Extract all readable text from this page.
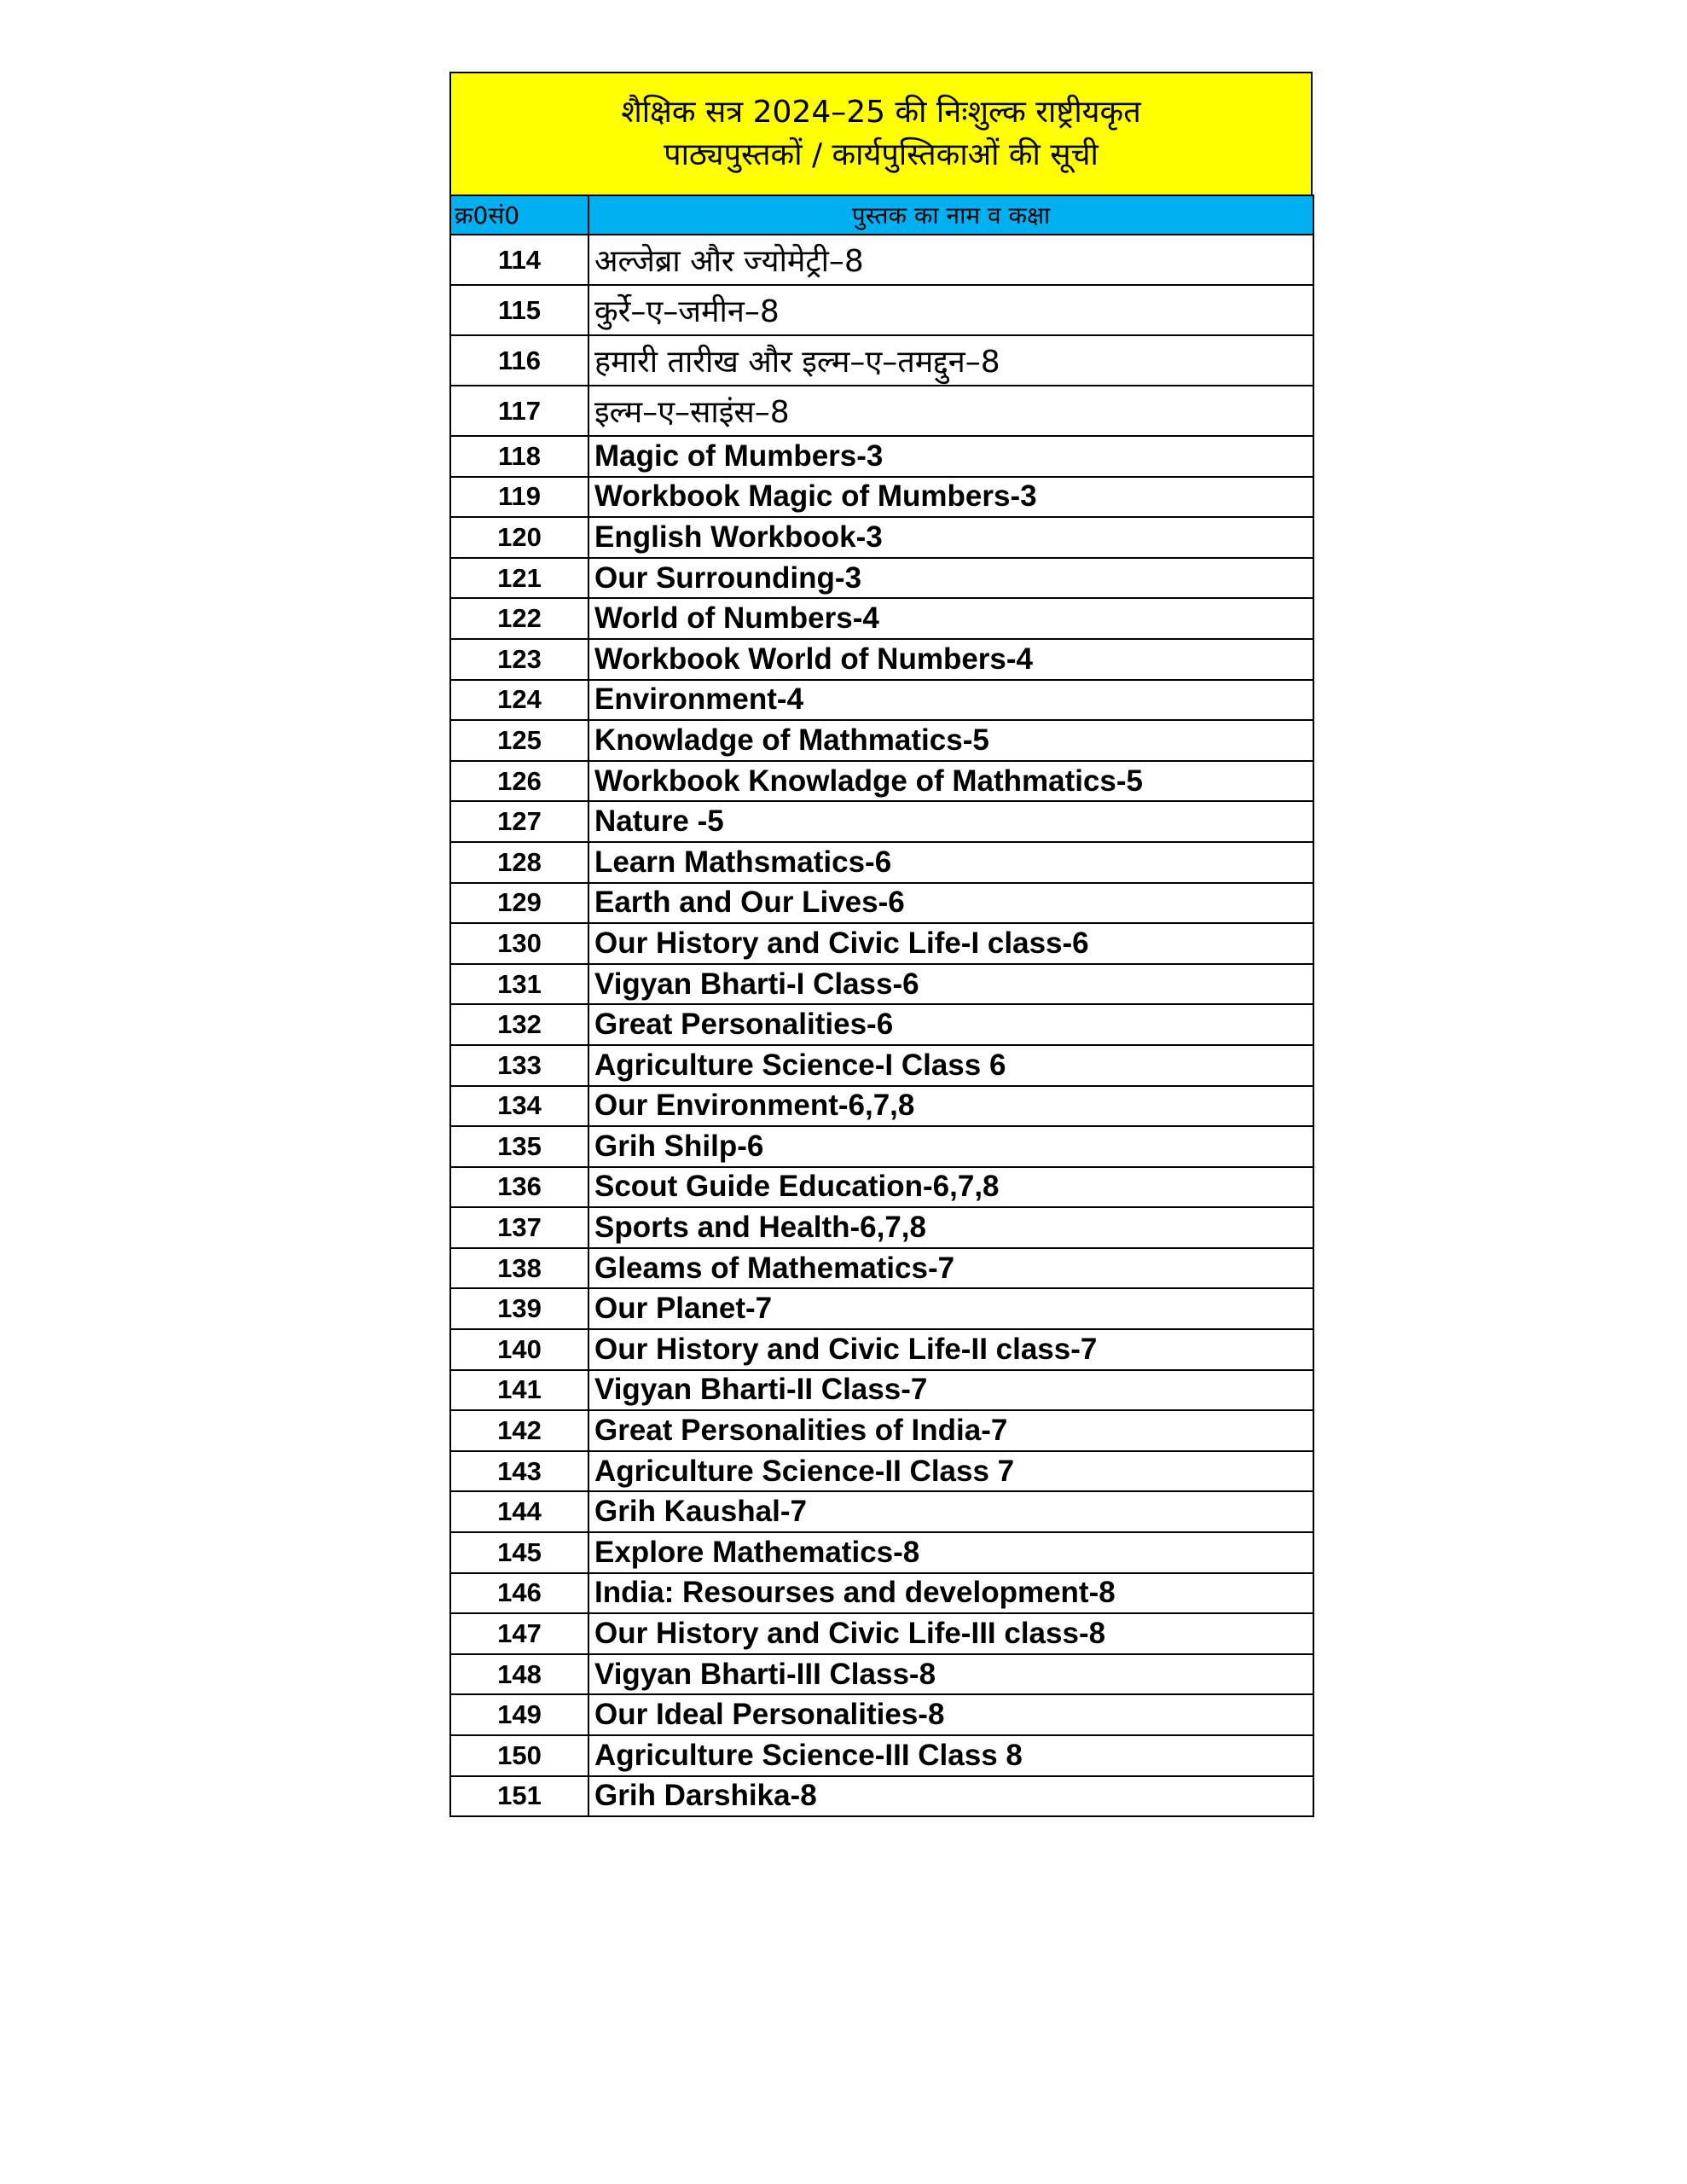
शैक्षिक सत्र 2024–25 की निःशुल्क राष्ट्रीयकृत
पाठ्यपुस्तकों / कार्यपुस्तिकाओं की सूची
क्र0सं0	पुस्तक का नाम व कक्षा
114	अल्जेब्रा और ज्योमेट्री–8
115	कुर्रे–ए–जमीन–8
116	हमारी तारीख और इल्म–ए–तमद्दुन–8
117	इल्म–ए–साइंस–8
118	Magic of Mumbers-3
119	Workbook Magic of Mumbers-3
120	English Workbook-3
121	Our Surrounding-3
122	World of Numbers-4
123	Workbook World of Numbers-4
124	Environment-4
125	Knowladge of Mathmatics-5
126	Workbook Knowladge of Mathmatics-5
127	Nature -5
128	Learn Mathsmatics-6
129	Earth and Our Lives-6
130	Our History and Civic Life-I class-6
131	Vigyan Bharti-I Class-6
132	Great Personalities-6
133	Agriculture Science-I Class 6
134	Our Environment-6,7,8
135	Grih Shilp-6
136	Scout Guide Education-6,7,8
137	Sports and Health-6,7,8
138	Gleams of Mathematics-7
139	Our Planet-7
140	Our History and Civic Life-II class-7
141	Vigyan Bharti-II Class-7
142	Great Personalities of India-7
143	Agriculture Science-II Class 7
144	Grih Kaushal-7
145	Explore Mathematics-8
146	India: Resourses and development-8
147	Our History and Civic Life-III class-8
148	Vigyan Bharti-III Class-8
149	Our Ideal Personalities-8
150	Agriculture Science-III Class 8
151	Grih Darshika-8
